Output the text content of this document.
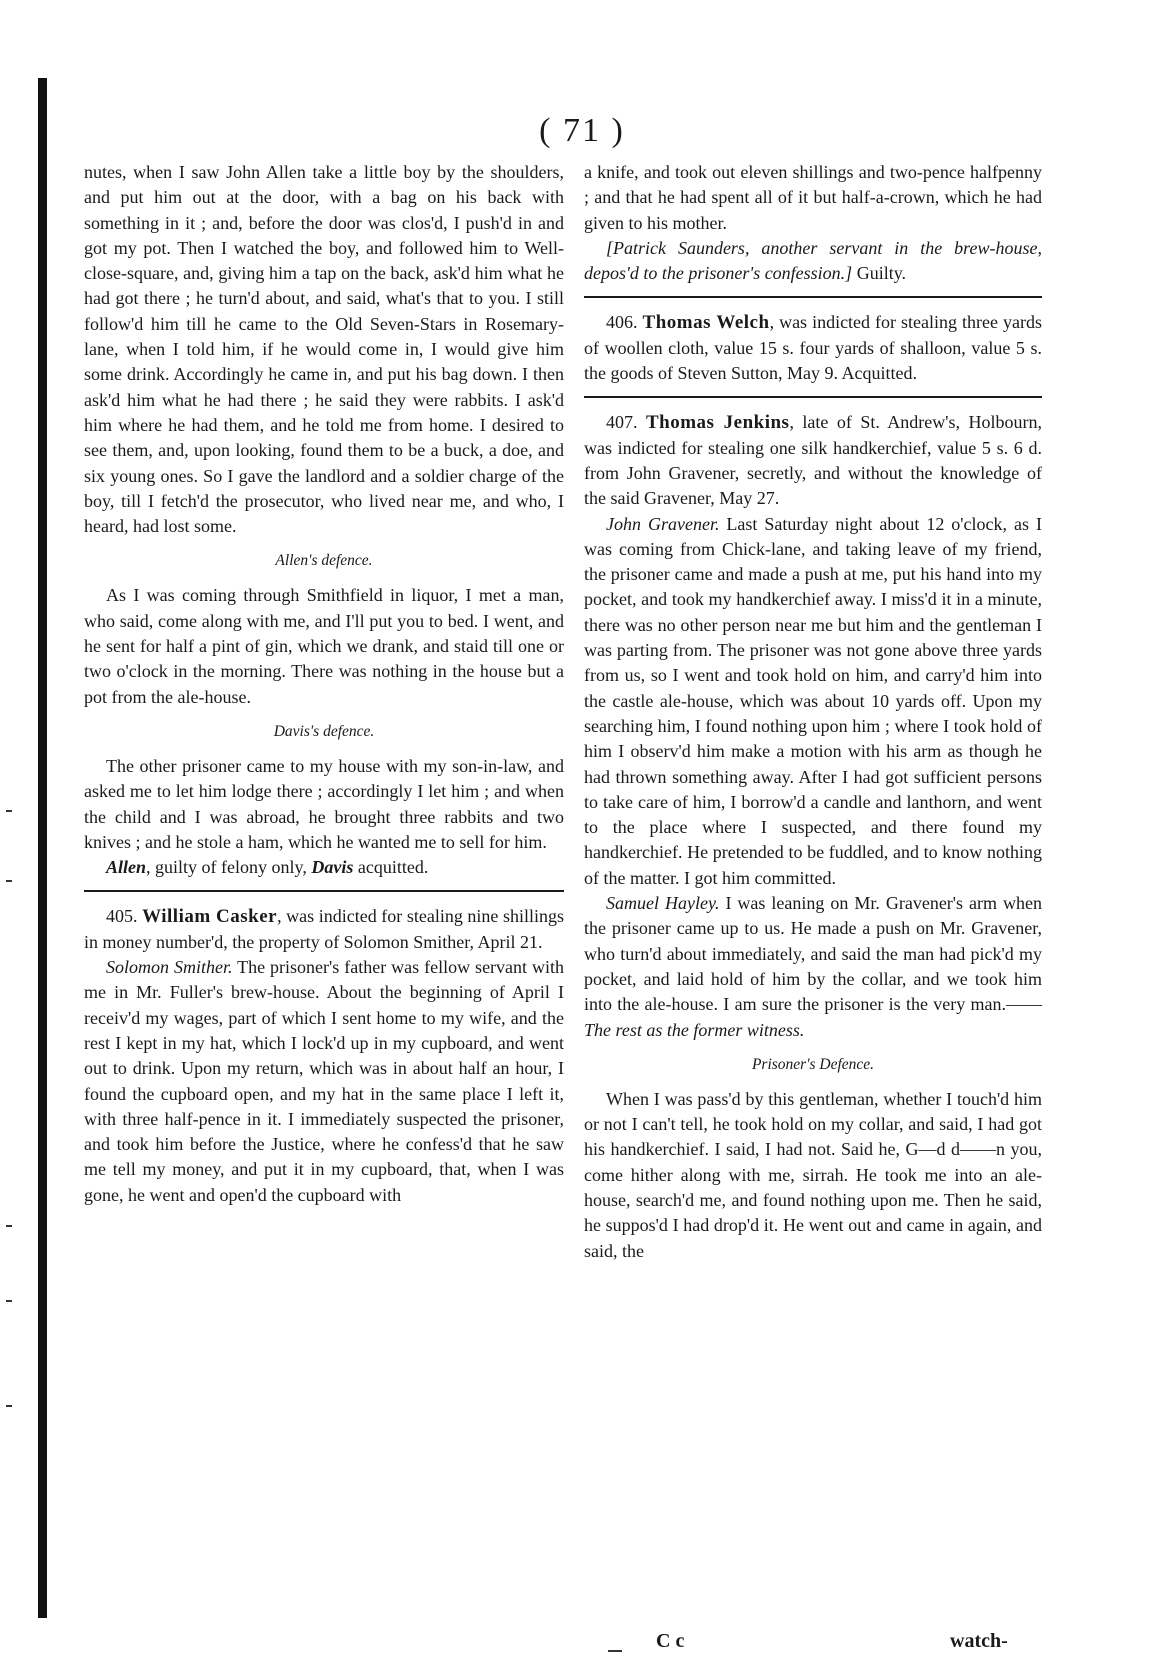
( 71 )

nutes, when I saw John Allen take a little boy by the shoulders, and put him out at the door, with a bag on his back with something in it ; and, before the door was clos'd, I push'd in and got my pot. Then I watched the boy, and followed him to Well-close-square, and, giving him a tap on the back, ask'd him what he had got there ; he turn'd about, and said, what's that to you. I still follow'd him till he came to the Old Seven-Stars in Rosemary-lane, when I told him, if he would come in, I would give him some drink. Accordingly he came in, and put his bag down. I then ask'd him what he had there ; he said they were rabbits. I ask'd him where he had them, and he told me from home. I desired to see them, and, upon looking, found them to be a buck, a doe, and six young ones. So I gave the landlord and a soldier charge of the boy, till I fetch'd the prosecutor, who lived near me, and who, I heard, had lost some.

Allen's defence.

As I was coming through Smithfield in liquor, I met a man, who said, come along with me, and I'll put you to bed. I went, and he sent for half a pint of gin, which we drank, and staid till one or two o'clock in the morning. There was nothing in the house but a pot from the ale-house.

Davis's defence.

The other prisoner came to my house with my son-in-law, and asked me to let him lodge there ; accordingly I let him ; and when the child and I was abroad, he brought three rabbits and two knives ; and he stole a ham, which he wanted me to sell for him.

Allen, guilty of felony only, Davis acquitted.

405. William Casker, was indicted for stealing nine shillings in money number'd, the property of Solomon Smither, April 21.

Solomon Smither. The prisoner's father was fellow servant with me in Mr. Fuller's brew-house. About the beginning of April I receiv'd my wages, part of which I sent home to my wife, and the rest I kept in my hat, which I lock'd up in my cupboard, and went out to drink. Upon my return, which was in about half an hour, I found the cupboard open, and my hat in the same place I left it, with three half-pence in it. I immediately suspected the prisoner, and took him before the Justice, where he confess'd that he saw me tell my money, and put it in my cupboard, that, when I was gone, he went and open'd the cupboard with

a knife, and took out eleven shillings and two-pence halfpenny ; and that he had spent all of it but half-a-crown, which he had given to his mother.

[Patrick Saunders, another servant in the brew-house, depos'd to the prisoner's confession.] Guilty.

406. Thomas Welch, was indicted for stealing three yards of woollen cloth, value 15 s. four yards of shalloon, value 5 s. the goods of Steven Sutton, May 9. Acquitted.

407. Thomas Jenkins, late of St. Andrew's, Holbourn, was indicted for stealing one silk handkerchief, value 5 s. 6 d. from John Gravener, secretly, and without the knowledge of the said Gravener, May 27.

John Gravener. Last Saturday night about 12 o'clock, as I was coming from Chick-lane, and taking leave of my friend, the prisoner came and made a push at me, put his hand into my pocket, and took my handkerchief away. I miss'd it in a minute, there was no other person near me but him and the gentleman I was parting from. The prisoner was not gone above three yards from us, so I went and took hold on him, and carry'd him into the castle ale-house, which was about 10 yards off. Upon my searching him, I found nothing upon him ; where I took hold of him I observ'd him make a motion with his arm as though he had thrown something away. After I had got sufficient persons to take care of him, I borrow'd a candle and lanthorn, and went to the place where I suspected, and there found my handkerchief. He pretended to be fuddled, and to know nothing of the matter. I got him committed.

Samuel Hayley. I was leaning on Mr. Gravener's arm when the prisoner came up to us. He made a push on Mr. Gravener, who turn'd about immediately, and said the man had pick'd my pocket, and laid hold of him by the collar, and we took him into the ale-house. I am sure the prisoner is the very man.——The rest as the former witness.

Prisoner's Defence.

When I was pass'd by this gentleman, whether I touch'd him or not I can't tell, he took hold on my collar, and said, I had got his handkerchief. I said, I had not. Said he, G—d d——n you, come hither along with me, sirrah. He took me into an ale-house, search'd me, and found nothing upon me. Then he said, he suppos'd I had drop'd it. He went out and came in again, and said, the

C c	watch-
